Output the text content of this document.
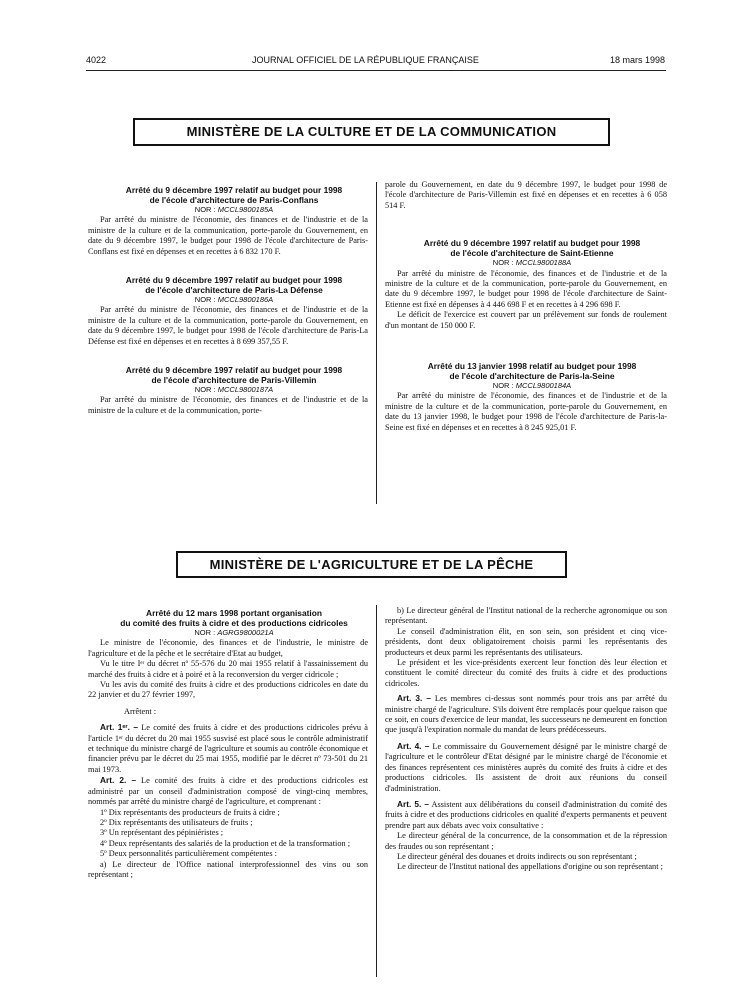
4022	JOURNAL OFFICIEL DE LA RÉPUBLIQUE FRANÇAISE	18 mars 1998
MINISTÈRE DE LA CULTURE ET DE LA COMMUNICATION

Arrêté du 9 décembre 1997 relatif au budget pour 1998

de l'école d'architecture de Paris-Conflans

NOR : MCCL9800185A

Par arrêté du ministre de l'économie, des finances et de l'industrie et de la ministre de la culture et de la communication, porte-parole du Gouvernement, en date du 9 décembre 1997, le budget pour 1998 de l'école d'architecture de Paris-Conflans est fixé en dépenses et en recettes à 6 832 170 F.

Arrêté du 9 décembre 1997 relatif au budget pour 1998

de l'école d'architecture de Paris-La Défense

NOR : MCCL9800186A

Par arrêté du ministre de l'économie, des finances et de l'industrie et de la ministre de la culture et de la communication, porte-parole du Gouvernement, en date du 9 décembre 1997, le budget pour 1998 de l'école d'architecture de Paris-La Défense est fixé en dépenses et en recettes à 8 699 357,55 F.

Arrêté du 9 décembre 1997 relatif au budget pour 1998

de l'école d'architecture de Paris-Villemin

NOR : MCCL9800187A

Par arrêté du ministre de l'économie, des finances et de l'industrie et de la ministre de la culture et de la communication, porte-

parole du Gouvernement, en date du 9 décembre 1997, le budget pour 1998 de l'école d'architecture de Paris-Villemin est fixé en dépenses et en recettes à 6 058 514 F.

Arrêté du 9 décembre 1997 relatif au budget pour 1998

de l'école d'architecture de Saint-Etienne

NOR : MCCL9800188A

Par arrêté du ministre de l'économie, des finances et de l'industrie et de la ministre de la culture et de la communication, porte-parole du Gouvernement, en date du 9 décembre 1997, le budget pour 1998 de l'école d'architecture de Saint-Etienne est fixé en dépenses à 4 446 698 F et en recettes à 4 296 698 F.

Le déficit de l'exercice est couvert par un prélèvement sur fonds de roulement d'un montant de 150 000 F.

Arrêté du 13 janvier 1998 relatif au budget pour 1998

de l'école d'architecture de Paris-la-Seine

NOR : MCCL9800184A

Par arrêté du ministre de l'économie, des finances et de l'industrie et de la ministre de la culture et de la communication, porte-parole du Gouvernement, en date du 13 janvier 1998, le budget pour 1998 de l'école d'architecture de Paris-la-Seine est fixé en dépenses et en recettes à 8 245 925,01 F.

MINISTÈRE DE L'AGRICULTURE ET DE LA PÊCHE

Arrêté du 12 mars 1998 portant organisation

du comité des fruits à cidre et des productions cidricoles

NOR : AGRG9800021A

Le ministre de l'économie, des finances et de l'industrie, le ministre de l'agriculture et de la pêche et le secrétaire d'Etat au budget,

Vu le titre Iᵉʳ du décret nº 55-576 du 20 mai 1955 relatif à l'assainissement du marché des fruits à cidre et à poiré et à la reconversion du verger cidricole ;

Vu les avis du comité des fruits à cidre et des productions cidricoles en date du 22 janvier et du 27 février 1997,

Arrêtent :

Art. 1ᵉʳ. – Le comité des fruits à cidre et des productions cidricoles prévu à l'article 1ᵉʳ du décret du 20 mai 1955 susvisé est placé sous le contrôle administratif et technique du ministre chargé de l'agriculture et soumis au contrôle économique et financier prévu par le décret du 25 mai 1955, modifié par le décret nº 73-501 du 21 mai 1973.

Art. 2. – Le comité des fruits à cidre et des productions cidricoles est administré par un conseil d'administration composé de vingt-cinq membres, nommés par arrêté du ministre chargé de l'agriculture, et comprenant :

1º Dix représentants des producteurs de fruits à cidre ;

2º Dix représentants des utilisateurs de fruits ;

3º Un représentant des pépiniéristes ;

4º Deux représentants des salariés de la production et de la transformation ;

5º Deux personnalités particulièrement compétentes :

a) Le directeur de l'Office national interprofessionnel des vins ou son représentant ;

b) Le directeur général de l'Institut national de la recherche agronomique ou son représentant.

Le conseil d'administration élit, en son sein, son président et cinq vice-présidents, dont deux obligatoirement choisis parmi les représentants des producteurs et deux parmi les représentants des utilisateurs.

Le président et les vice-présidents exercent leur fonction dès leur élection et constituent le comité directeur du comité des fruits à cidre et des productions cidricoles.

Art. 3. – Les membres ci-dessus sont nommés pour trois ans par arrêté du ministre chargé de l'agriculture. S'ils doivent être remplacés pour quelque raison que ce soit, en cours d'exercice de leur mandat, les successeurs ne demeurent en fonction que jusqu'à l'expiration normale du mandat de leurs prédécesseurs.

Art. 4. – Le commissaire du Gouvernement désigné par le ministre chargé de l'agriculture et le contrôleur d'Etat désigné par le ministre chargé de l'économie et des finances représentent ces ministères auprès du comité des fruits à cidre et des productions cidricoles. Ils assistent de droit aux réunions du conseil d'administration.

Art. 5. – Assistent aux délibérations du conseil d'administration du comité des fruits à cidre et des productions cidricoles en qualité d'experts permanents et peuvent prendre part aux débats avec voix consultative :

Le directeur général de la concurrence, de la consommation et de la répression des fraudes ou son représentant ;

Le directeur général des douanes et droits indirects ou son représentant ;

Le directeur de l'Institut national des appellations d'origine ou son représentant ;
